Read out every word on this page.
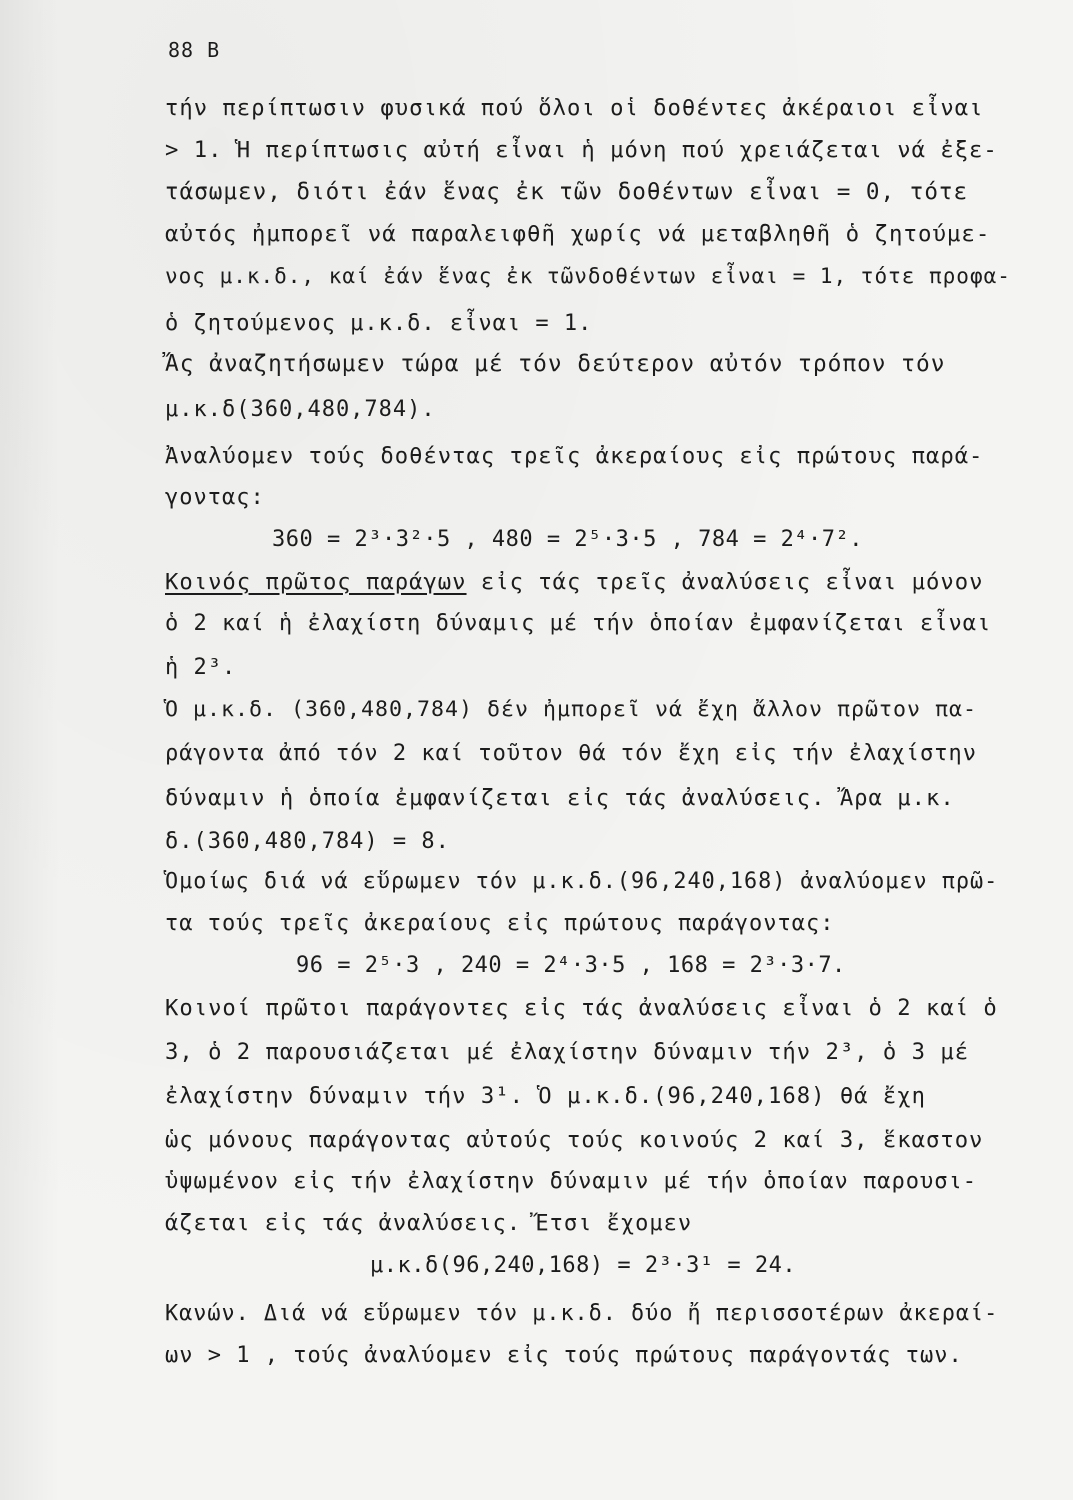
88 Β
τήν περίπτωσιν φυσικά πού ὅλοι οἱ δοθέντες ἀκέραιοι εἶναι
> 1. Ἡ περίπτωσις αὐτή εἶναι ἡ μόνη πού χρειάζεται νά ἐξε-
τάσωμεν, διότι ἐάν ἕνας ἐκ τῶν δοθέντων εἶναι = 0, τότε
αὐτός ἠμπορεῖ νά παραλειφθῆ χωρίς νά μεταβληθῆ ὁ ζητούμε-
νος μ.κ.δ., καί ἐάν ἕνας ἐκ τῶνδοθέντων εἶναι = 1, τότε προφα-
ὁ ζητούμενος μ.κ.δ. εἶναι = 1.
Ἄς ἀναζητήσωμεν τώρα μέ τόν δεύτερον αὐτόν τρόπον τόν
μ.κ.δ(360,480,784).
Ἀναλύομεν τούς δοθέντας τρεῖς ἀκεραίους εἰς πρώτους παρά-
γοντας:
360 = 2³·3²·5 , 480 = 2⁵·3·5 , 784 = 2⁴·7².
Κοινός πρῶτος παράγων εἰς τάς τρεῖς ἀναλύσεις εἶναι μόνον
ὁ 2 καί ἡ ἐλαχίστη δύναμις μέ τήν ὁποίαν ἐμφανίζεται εἶναι
ἡ 2³.
Ὁ μ.κ.δ. (360,480,784) δέν ἠμπορεῖ νά ἔχη ἄλλον πρῶτον πα-
ράγοντα ἀπό τόν 2 καί τοῦτον θά τόν ἔχη εἰς τήν ἐλαχίστην
δύναμιν ἡ ὁποία ἐμφανίζεται εἰς τάς ἀναλύσεις. Ἄρα μ.κ.
δ.(360,480,784) = 8.
Ὁμοίως διά νά εὕρωμεν τόν μ.κ.δ.(96,240,168) ἀναλύομεν πρῶ-
τα τούς τρεῖς ἀκεραίους εἰς πρώτους παράγοντας:
96 = 2⁵·3 , 240 = 2⁴·3·5 , 168 = 2³·3·7.
Κοινοί πρῶτοι παράγοντες εἰς τάς ἀναλύσεις εἶναι ὁ 2 καί ὁ
3, ὁ 2 παρουσιάζεται μέ ἐλαχίστην δύναμιν τήν 2³, ὁ 3 μέ
ἐλαχίστην δύναμιν τήν 3¹. Ὁ μ.κ.δ.(96,240,168) θά ἔχη
ὡς μόνους παράγοντας αὐτούς τούς κοινούς 2 καί 3, ἕκαστον
ὑψωμένον εἰς τήν ἐλαχίστην δύναμιν μέ τήν ὁποίαν παρουσι-
άζεται εἰς τάς ἀναλύσεις. Ἔτσι ἔχομεν
μ.κ.δ(96,240,168) = 2³·3¹ = 24.
Κανών. Διά νά εὕρωμεν τόν μ.κ.δ. δύο ἤ περισσοτέρων ἀκεραί-
ων > 1 , τούς ἀναλύομεν εἰς τούς πρώτους παράγοντάς των.
